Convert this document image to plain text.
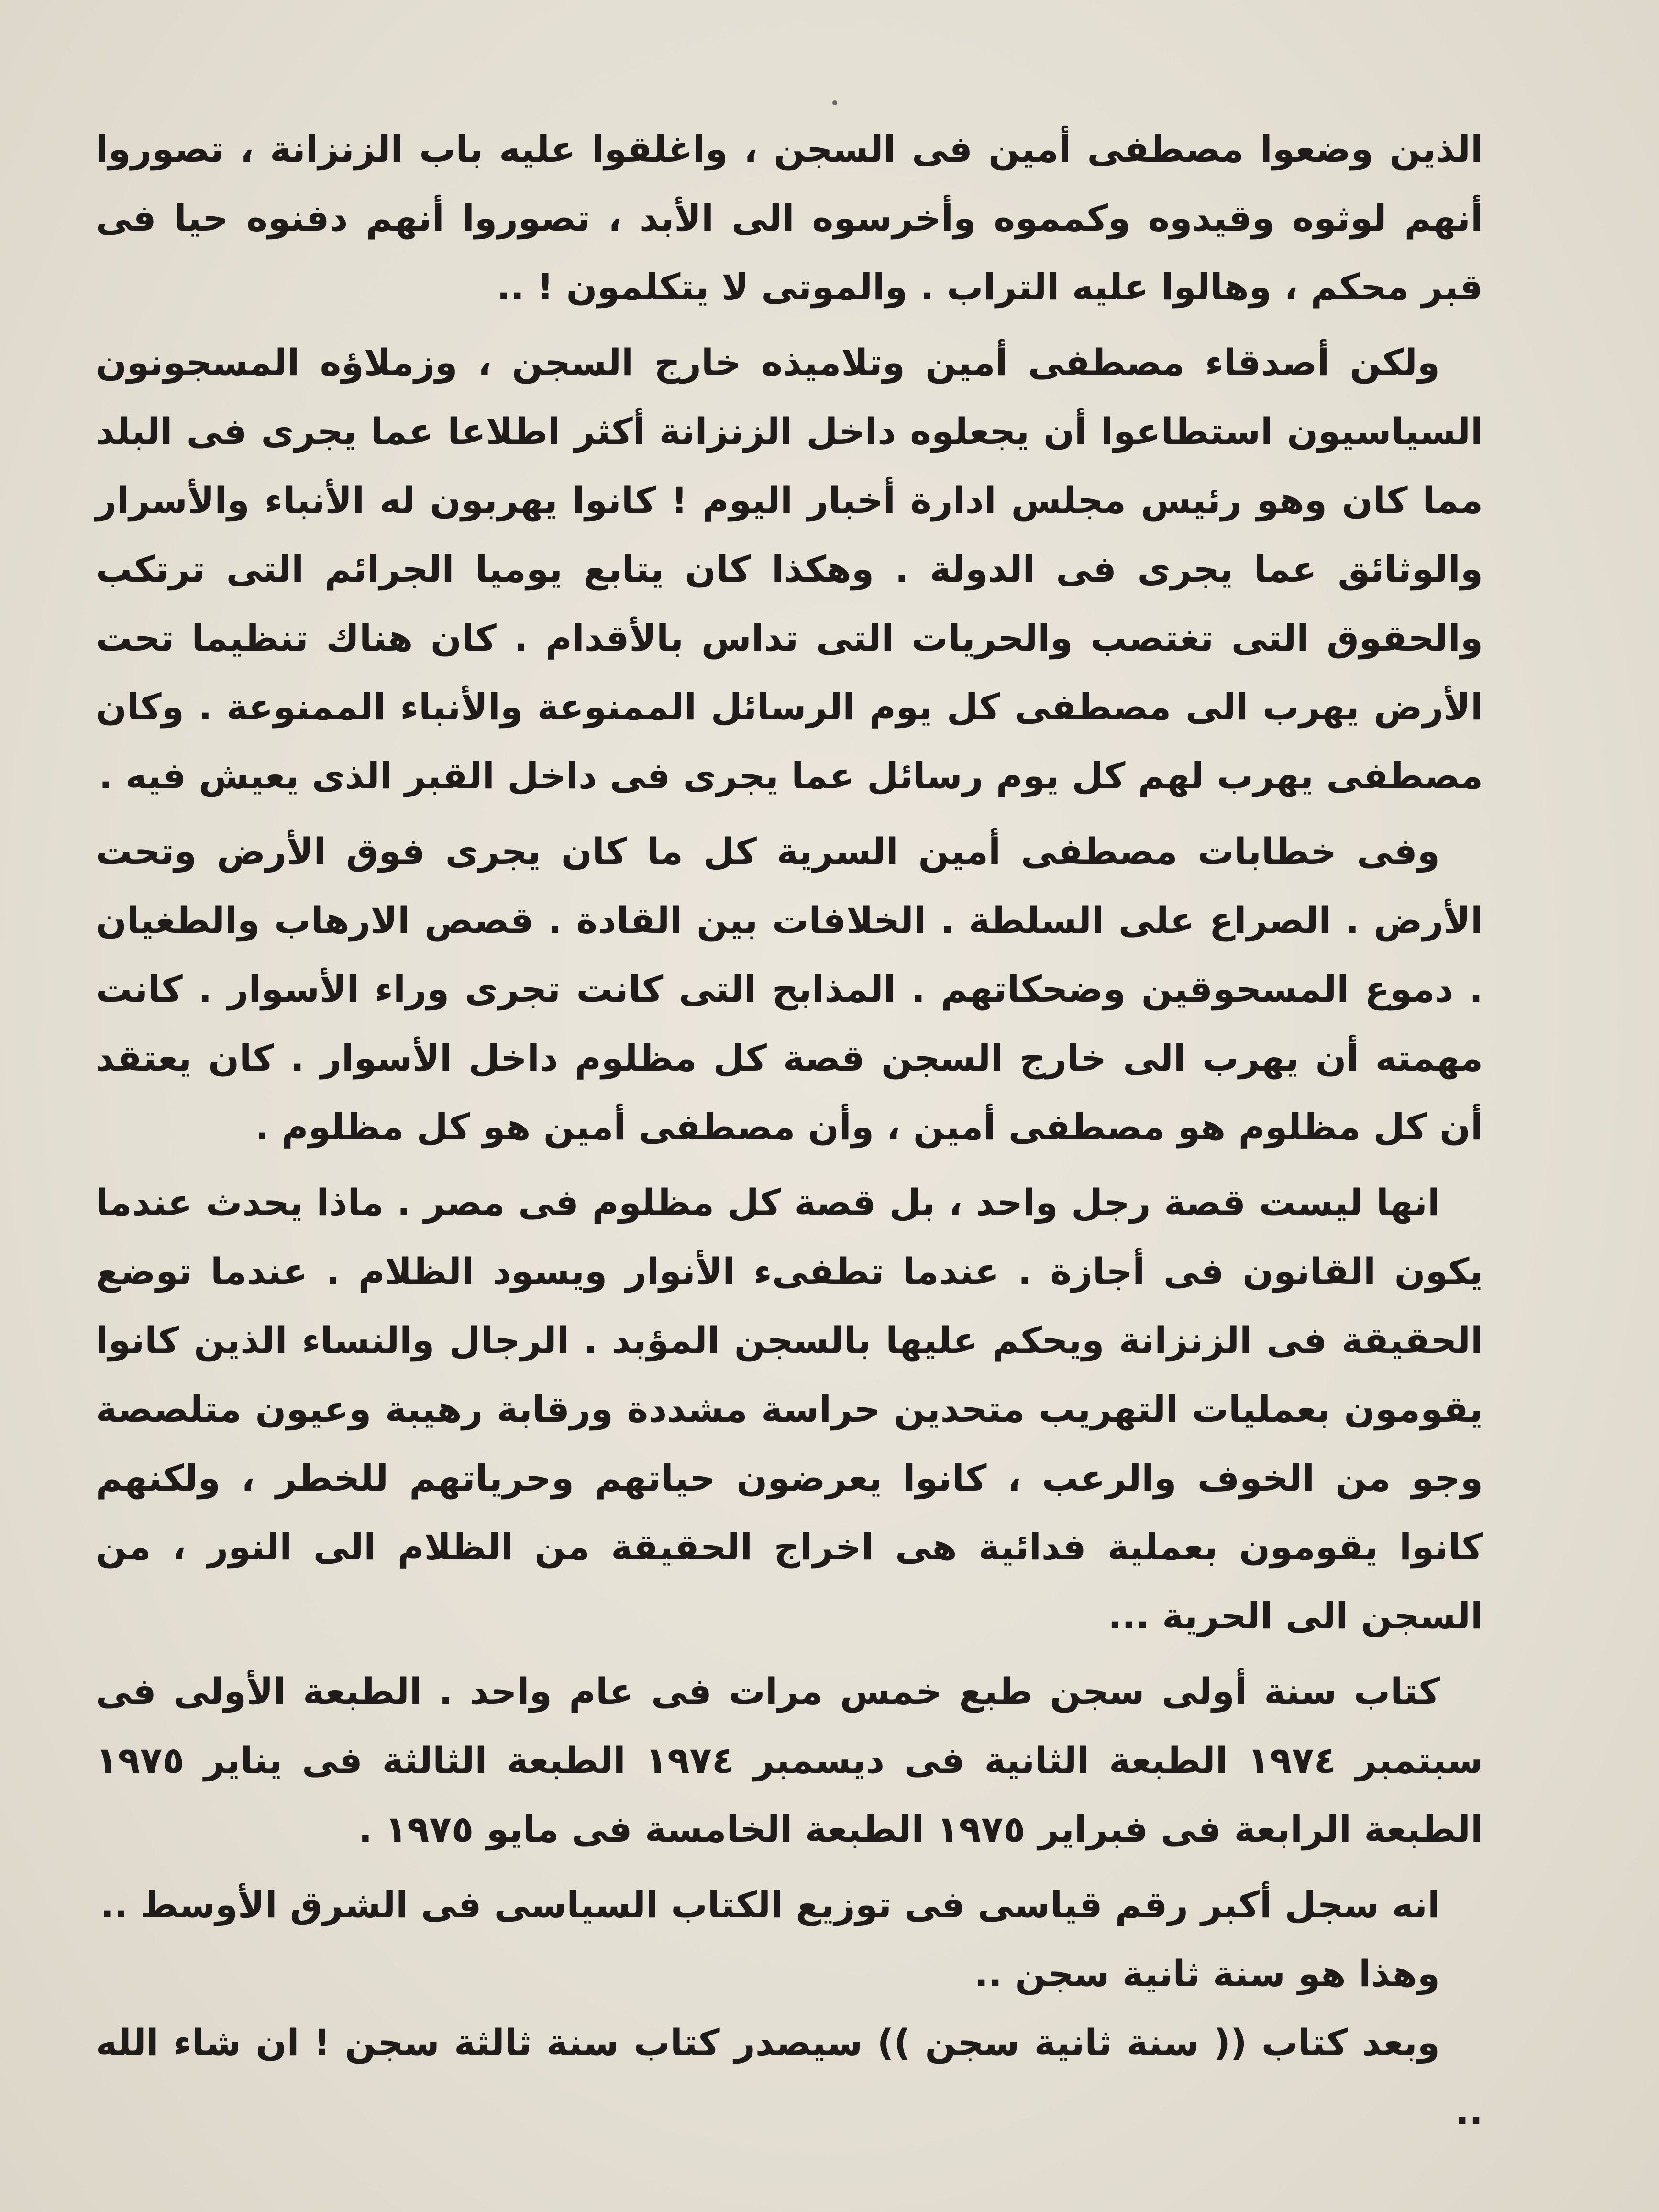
الذين وضعوا مصطفى أمين فى السجن ، واغلقوا عليه باب الزنزانة ، تصوروا أنهم لوثوه وقيدوه وكمموه وأخرسوه الى الأبد ، تصوروا أنهم دفنوه حيا فى قبر محكم ، وهالوا عليه التراب . والموتى لا يتكلمون ! ..

ولكن أصدقاء مصطفى أمين وتلاميذه خارج السجن ، وزملاؤه المسجونون السياسيون استطاعوا أن يجعلوه داخل الزنزانة أكثر اطلاعا عما يجرى فى البلد مما كان وهو رئيس مجلس ادارة أخبار اليوم ! كانوا يهربون له الأنباء والأسرار والوثائق عما يجرى فى الدولة . وهكذا كان يتابع يوميا الجرائم التى ترتكب والحقوق التى تغتصب والحريات التى تداس بالأقدام . كان هناك تنظيما تحت الأرض يهرب الى مصطفى كل يوم الرسائل الممنوعة والأنباء الممنوعة . وكان مصطفى يهرب لهم كل يوم رسائل عما يجرى فى داخل القبر الذى يعيش فيه .

وفى خطابات مصطفى أمين السرية كل ما كان يجرى فوق الأرض وتحت الأرض . الصراع على السلطة . الخلافات بين القادة . قصص الارهاب والطغيان . دموع المسحوقين وضحكاتهم . المذابح التى كانت تجرى وراء الأسوار . كانت مهمته أن يهرب الى خارج السجن قصة كل مظلوم داخل الأسوار . كان يعتقد أن كل مظلوم هو مصطفى أمين ، وأن مصطفى أمين هو كل مظلوم .

انها ليست قصة رجل واحد ، بل قصة كل مظلوم فى مصر . ماذا يحدث عندما يكون القانون فى أجازة . عندما تطفىء الأنوار ويسود الظلام . عندما توضع الحقيقة فى الزنزانة ويحكم عليها بالسجن المؤبد . الرجال والنساء الذين كانوا يقومون بعمليات التهريب متحدين حراسة مشددة ورقابة رهيبة وعيون متلصصة وجو من الخوف والرعب ، كانوا يعرضون حياتهم وحرياتهم للخطر ، ولكنهم كانوا يقومون بعملية فدائية هى اخراج الحقيقة من الظلام الى النور ، من السجن الى الحرية ...

كتاب سنة أولى سجن طبع خمس مرات فى عام واحد . الطبعة الأولى فى سبتمبر ١٩٧٤ الطبعة الثانية فى ديسمبر ١٩٧٤ الطبعة الثالثة فى يناير ١٩٧٥ الطبعة الرابعة فى فبراير ١٩٧٥ الطبعة الخامسة فى مايو ١٩٧٥ .

انه سجل أكبر رقم قياسى فى توزيع الكتاب السياسى فى الشرق الأوسط ..

وهذا هو سنة ثانية سجن ..

وبعد كتاب (( سنة ثانية سجن )) سيصدر كتاب سنة ثالثة سجن ! ان شاء الله ..
